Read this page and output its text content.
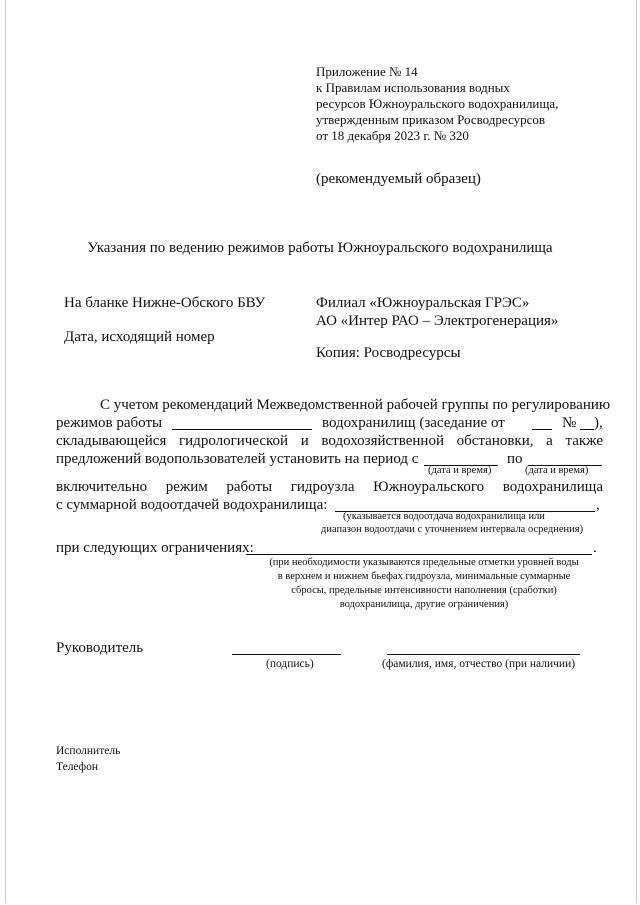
Приложение № 14
к Правилам использования водных
ресурсов Южноуральского водохранилища,
утвержденным приказом Росводресурсов
от 18 декабря 2023 г. № 320
(рекомендуемый образец)
Указания по ведению режимов работы Южноуральского водохранилища
На бланке Нижне-Обского БВУ
Дата, исходящий номер
Филиал «Южноуральская ГРЭС»
АО «Интер РАО – Электрогенерация»
Копия: Росводресурсы
С учетом рекомендаций Межведомственной рабочей группы по регулированию
режимов работы	водохранилищ (заседание от	№ ),
складывающейся гидрологической и водохозяйственной обстановки, а также
предложений водопользователей установить на период с	по
(дата и время)	(дата и время)
включительно режим работы гидроузла Южноуральского водохранилища
с суммарной водоотдачей водохранилища:	,
(указывается водоотдача водохранилища или
диапазон водоотдачи с уточнением интервала осреднения)
при следующих ограничениях:	.
(при необходимости указываются предельные отметки уровней воды
в верхнем и нижнем бьефах гидроузла, минимальные суммарные
сбросы, предельные интенсивности наполнения (сработки)
водохранилища, другие ограничения)
Руководитель
(подпись)	(фамилия, имя, отчество (при наличии)
Исполнитель
Телефон
